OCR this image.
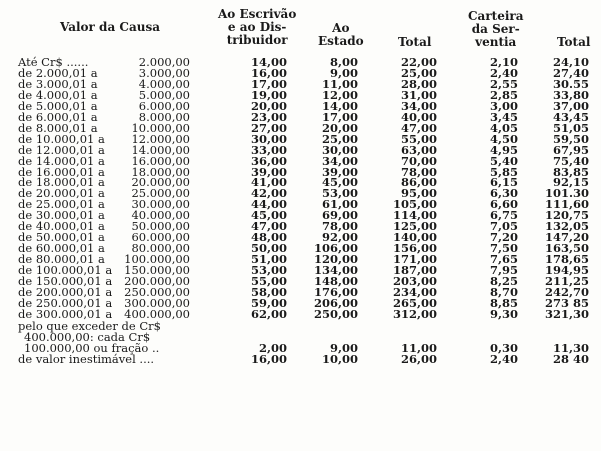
Valor da Causa
Ao Escrivão
e ao Dis-
tribuidor
Ao
Estado	Total
Carteira
da Ser-
ventia	Total
Até Cr$ ......	2.000,00	14,00	8,00	22,00	2,10	24,10
de 2.000,01 a	3.000,00	16,00	9,00	25,00	2,40	27,40
de 3.000,01 a	4.000,00	17,00	11,00	28,00	2,55	30.55
de 4.000,01 a	5.000,00	19,00	12,00	31,00	2,85	33,80
de 5.000,01 a	6.000,00	20,00	14,00	34,00	3,00	37,00
de 6.000,01 a	8.000,00	23,00	17,00	40,00	3,45	43,45
de 8.000,01 a	10.000,00	27,00	20,00	47,00	4,05	51,05
de 10.000,01 a 12.000,00	30,00	25,00	55,00	4,50	59,50
de 12.000,01 a 14.000,00	33,00	30,00	63,00	4,95	67,95
de 14.000,01 a 16.000,00	36,00	34,00	70,00	5,40	75,40
de 16.000,01 a 18.000,00	39,00	39,00	78,00	5,85	83,85
de 18.000,01 a 20.000,00	41,00	45,00	86,00	6,15	92,15
de 20.000,01 a 25.000,00	42,00	53,00	95,00	6,30 101.30
de 25.000,01 a 30.000,00	44,00	61,00	105,00	6,60 111,60
de 30.000,01 a 40.000,00	45,00	69,00	114,00	6,75 120,75
de 40.000,01 a 50.000,00	47,00	78,00	125,00	7,05 132,05
de 50.000,01 a 60.000,00	48,00	92,00	140,00	7,20 147,20
de 60.000,01 a 80.000,00	50,00 106,00	156,00	7,50 163,50
de 80.000,01 a 100.000,00	51,00 120,00	171,00	7,65 178,65
de 100.000,01 a 150.000,00	53,00 134,00	187,00	7,95 194,95
de 150.000,01 a 200.000,00	55,00 148,00	203,00	8,25 211,25
de 200.000,01 a 250.000,00	58,00 176,00	234,00	8,70 242,70
de 250.000,01 a 300.000,00	59,00 206,00	265,00	8,85 273 85
de 300.000,01 a 400.000,00	62,00 250,00	312,00	9,30 321,30
pelo que exceder de Cr$
400.000,00: cada Cr$
100.000,00 ou fração ..	2,00	9,00	11,00	0,30	11,30
de valor inestimável ....	16,00	10,00	26,00	2,40	28 40
